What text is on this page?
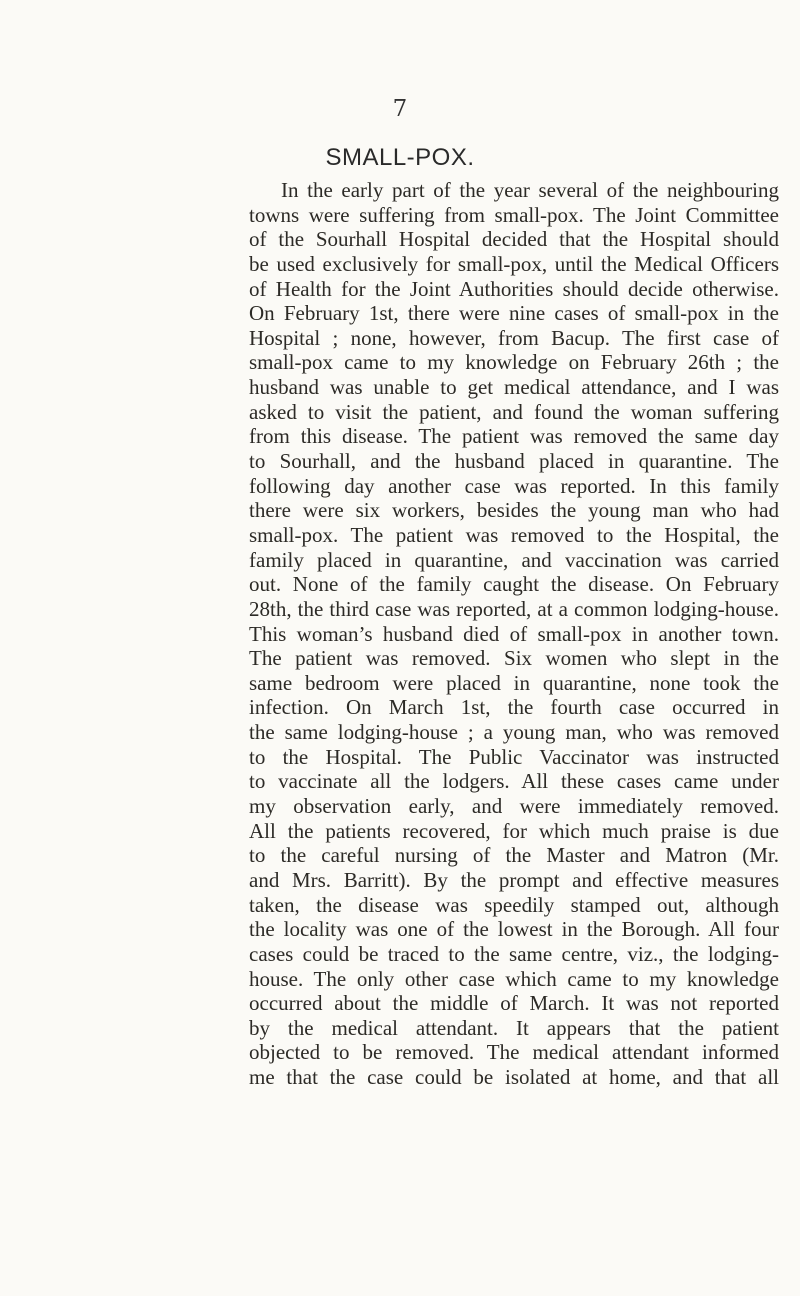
7
SMALL-POX.
In the early part of the year several of the neighbouring
towns were suffering from small-pox. The Joint Committee
of the Sourhall Hospital decided that the Hospital should
be used exclusively for small-pox, until the Medical Officers
of Health for the Joint Authorities should decide otherwise.
On February 1st, there were nine cases of small-pox in the
Hospital ; none, however, from Bacup. The first case of
small-pox came to my knowledge on February 26th ; the
husband was unable to get medical attendance, and I was
asked to visit the patient, and found the woman suffering
from this disease. The patient was removed the same day
to Sourhall, and the husband placed in quarantine. The
following day another case was reported. In this family
there were six workers, besides the young man who had
small-pox. The patient was removed to the Hospital, the
family placed in quarantine, and vaccination was carried
out. None of the family caught the disease. On February
28th, the third case was reported, at a common lodging-house.
This woman’s husband died of small-pox in another town.
The patient was removed. Six women who slept in the
same bedroom were placed in quarantine, none took the
infection. On March 1st, the fourth case occurred in
the same lodging-house ; a young man, who was removed
to the Hospital. The Public Vaccinator was instructed
to vaccinate all the lodgers. All these cases came under
my observation early, and were immediately removed.
All the patients recovered, for which much praise is due
to the careful nursing of the Master and Matron (Mr.
and Mrs. Barritt). By the prompt and effective measures
taken, the disease was speedily stamped out, although
the locality was one of the lowest in the Borough. All four
cases could be traced to the same centre, viz., the lodging-
house. The only other case which came to my knowledge
occurred about the middle of March. It was not reported
by the medical attendant. It appears that the patient
objected to be removed. The medical attendant informed
me that the case could be isolated at home, and that all
